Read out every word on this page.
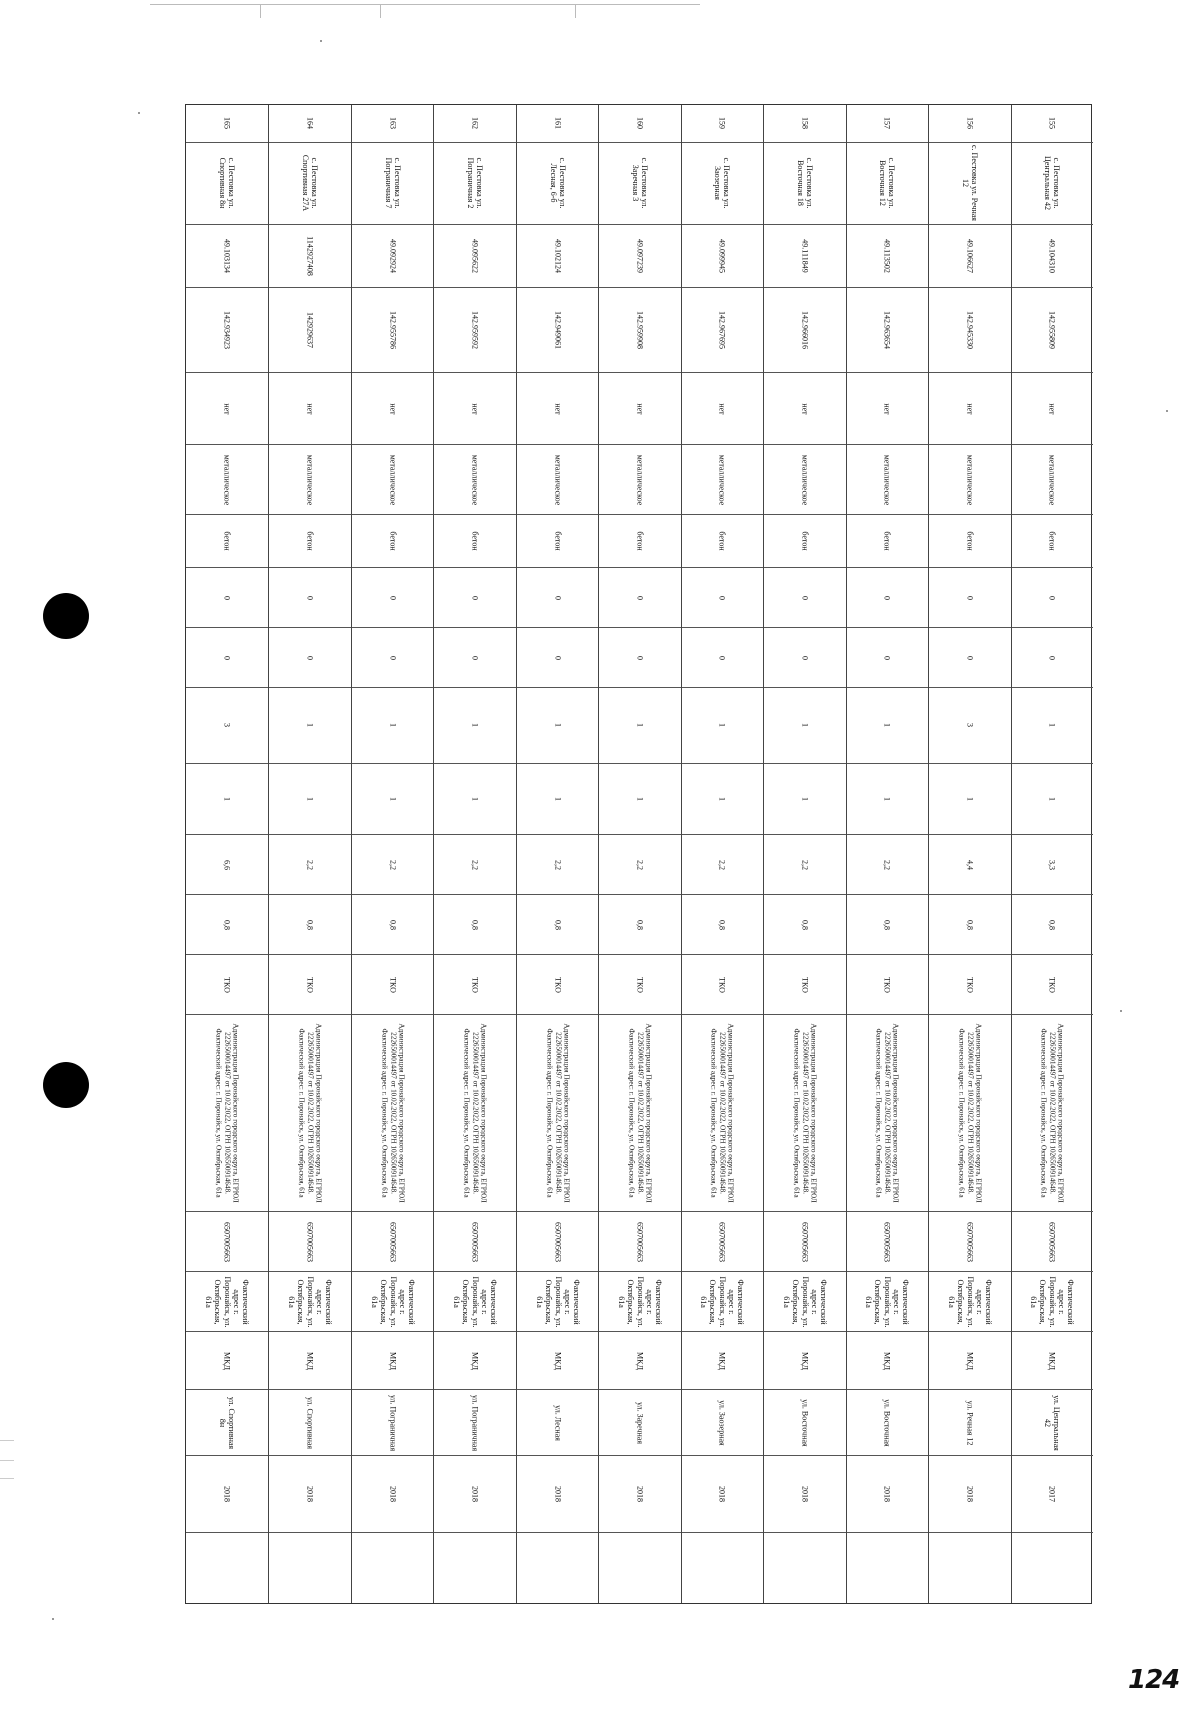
165
с. Пестовка ул. Спортивная 8н
49.103134
142.934923
нет
металлическое
бетон
0
0
3
1
6,6
0,8
ТКО
Администрация Поронайского городского округа, ЕГРЮЛ 2226500014497 от 10.02.2022, ОГРН 1026500914648. Фактический адрес: г. Поронайск, ул. Октябрьская, 61а
6507005663
Фактический адрес г. Поронайск, ул. Октябрьская, 61а
МКД
ул. Спортивная 8н
2018
164
с. Пестовка ул. Спортивная 27А
1142927408
142929637
нет
металлическое
бетон
0
0
1
1
2,2
0,8
ТКО
Администрация Поронайского городского округа, ЕГРЮЛ 2226500014497 от 10.02.2022, ОГРН 1026500914648. Фактический адрес: г. Поронайск, ул. Октябрьская, 61а
6507005663
Фактический адрес г. Поронайск, ул. Октябрьская, 61а
МКД
ул. Спортивная
2018
163
с. Пестовка ул. Пограничная 7
49.092924
142.955786
нет
металлическое
бетон
0
0
1
1
2,2
0,8
ТКО
Администрация Поронайского городского округа, ЕГРЮЛ 2226500014497 от 10.02.2022, ОГРН 1026500914648. Фактический адрес: г. Поронайск, ул. Октябрьская, 61а
6507005663
Фактический адрес г. Поронайск, ул. Октябрьская, 61а
МКД
ул. Пограничная
2018
162
с. Пестовка ул. Пограничная 2
49.095622
142.959592
нет
металлическое
бетон
0
0
1
1
2,2
0,8
ТКО
Администрация Поронайского городского округа, ЕГРЮЛ 2226500014497 от 10.02.2022, ОГРН 1026500914648. Фактический адрес: г. Поронайск, ул. Октябрьская, 61а
6507005663
Фактический адрес г. Поронайск, ул. Октябрьская, 61а
МКД
ул. Пограничная
2018
161
с. Пестовка ул. Лесная, 6-б
49.102124
142.949061
нет
металлическое
бетон
0
0
1
1
2,2
0,8
ТКО
Администрация Поронайского городского округа, ЕГРЮЛ 2226500014497 от 10.02.2022, ОГРН 1026500914648. Фактический адрес: г. Поронайск, ул. Октябрьская, 61а
6507005663
Фактический адрес г. Поронайск, ул. Октябрьская, 61а
МКД
ул. Лесная
2018
160
с. Пестовка ул. Заречная 3
49.097239
142.959908
нет
металлическое
бетон
0
0
1
1
2,2
0,8
ТКО
Администрация Поронайского городского округа, ЕГРЮЛ 2226500014497 от 10.02.2022, ОГРН 1026500914648. Фактический адрес: г. Поронайск, ул. Октябрьская, 61а
6507005663
Фактический адрес г. Поронайск, ул. Октябрьская, 61а
МКД
ул. Заречная
2018
159
с. Пестовка ул. Заозерная
49.099945
142.967695
нет
металлическое
бетон
0
0
1
1
2,2
0,8
ТКО
Администрация Поронайского городского округа, ЕГРЮЛ 2226500014497 от 10.02.2022, ОГРН 1026500914648. Фактический адрес: г. Поронайск, ул. Октябрьская, 61а
6507005663
Фактический адрес г. Поронайск, ул. Октябрьская, 61а
МКД
ул. Заозерная
2018
158
с. Пестовка ул. Восточная 18
49.111849
142.966016
нет
металлическое
бетон
0
0
1
1
2,2
0,8
ТКО
Администрация Поронайского городского округа, ЕГРЮЛ 2226500014497 от 10.02.2022, ОГРН 1026500914648. Фактический адрес: г. Поронайск, ул. Октябрьская, 61а
6507005663
Фактический адрес г. Поронайск, ул. Октябрьская, 61а
МКД
ул. Восточная
2018
157
с. Пестовка ул. Восточная 12
49.113502
142.963654
нет
металлическое
бетон
0
0
1
1
2,2
0,8
ТКО
Администрация Поронайского городского округа, ЕГРЮЛ 2226500014497 от 10.02.2022, ОГРН 1026500914648. Фактический адрес: г. Поронайск, ул. Октябрьская, 61а
6507005663
Фактический адрес г. Поронайск, ул. Октябрьская, 61а
МКД
ул. Восточная
2018
156
с. Пестовка ул. Речная 12
49.106627
142.945330
нет
металлическое
бетон
0
0
3
1
4,4
0,8
ТКО
Администрация Поронайского городского округа, ЕГРЮЛ 2226500014497 от 10.02.2022, ОГРН 1026500914648. Фактический адрес: г. Поронайск, ул. Октябрьская, 61а
6507005663
Фактический адрес г. Поронайск, ул. Октябрьская, 61а
МКД
ул. Речная 12
2018
155
с. Пестовка ул. Центральная 42
49.104310
142.955809
нет
металлическое
бетон
0
0
1
1
3,3
0,8
ТКО
Администрация Поронайского городского округа, ЕГРЮЛ 2226500014497 от 10.02.2022, ОГРН 1026500914648. Фактический адрес: г. Поронайск, ул. Октябрьская, 61а
6507005663
Фактический адрес г. Поронайск, ул. Октябрьская, 61а
МКД
ул. Центральная 42
2017
124
